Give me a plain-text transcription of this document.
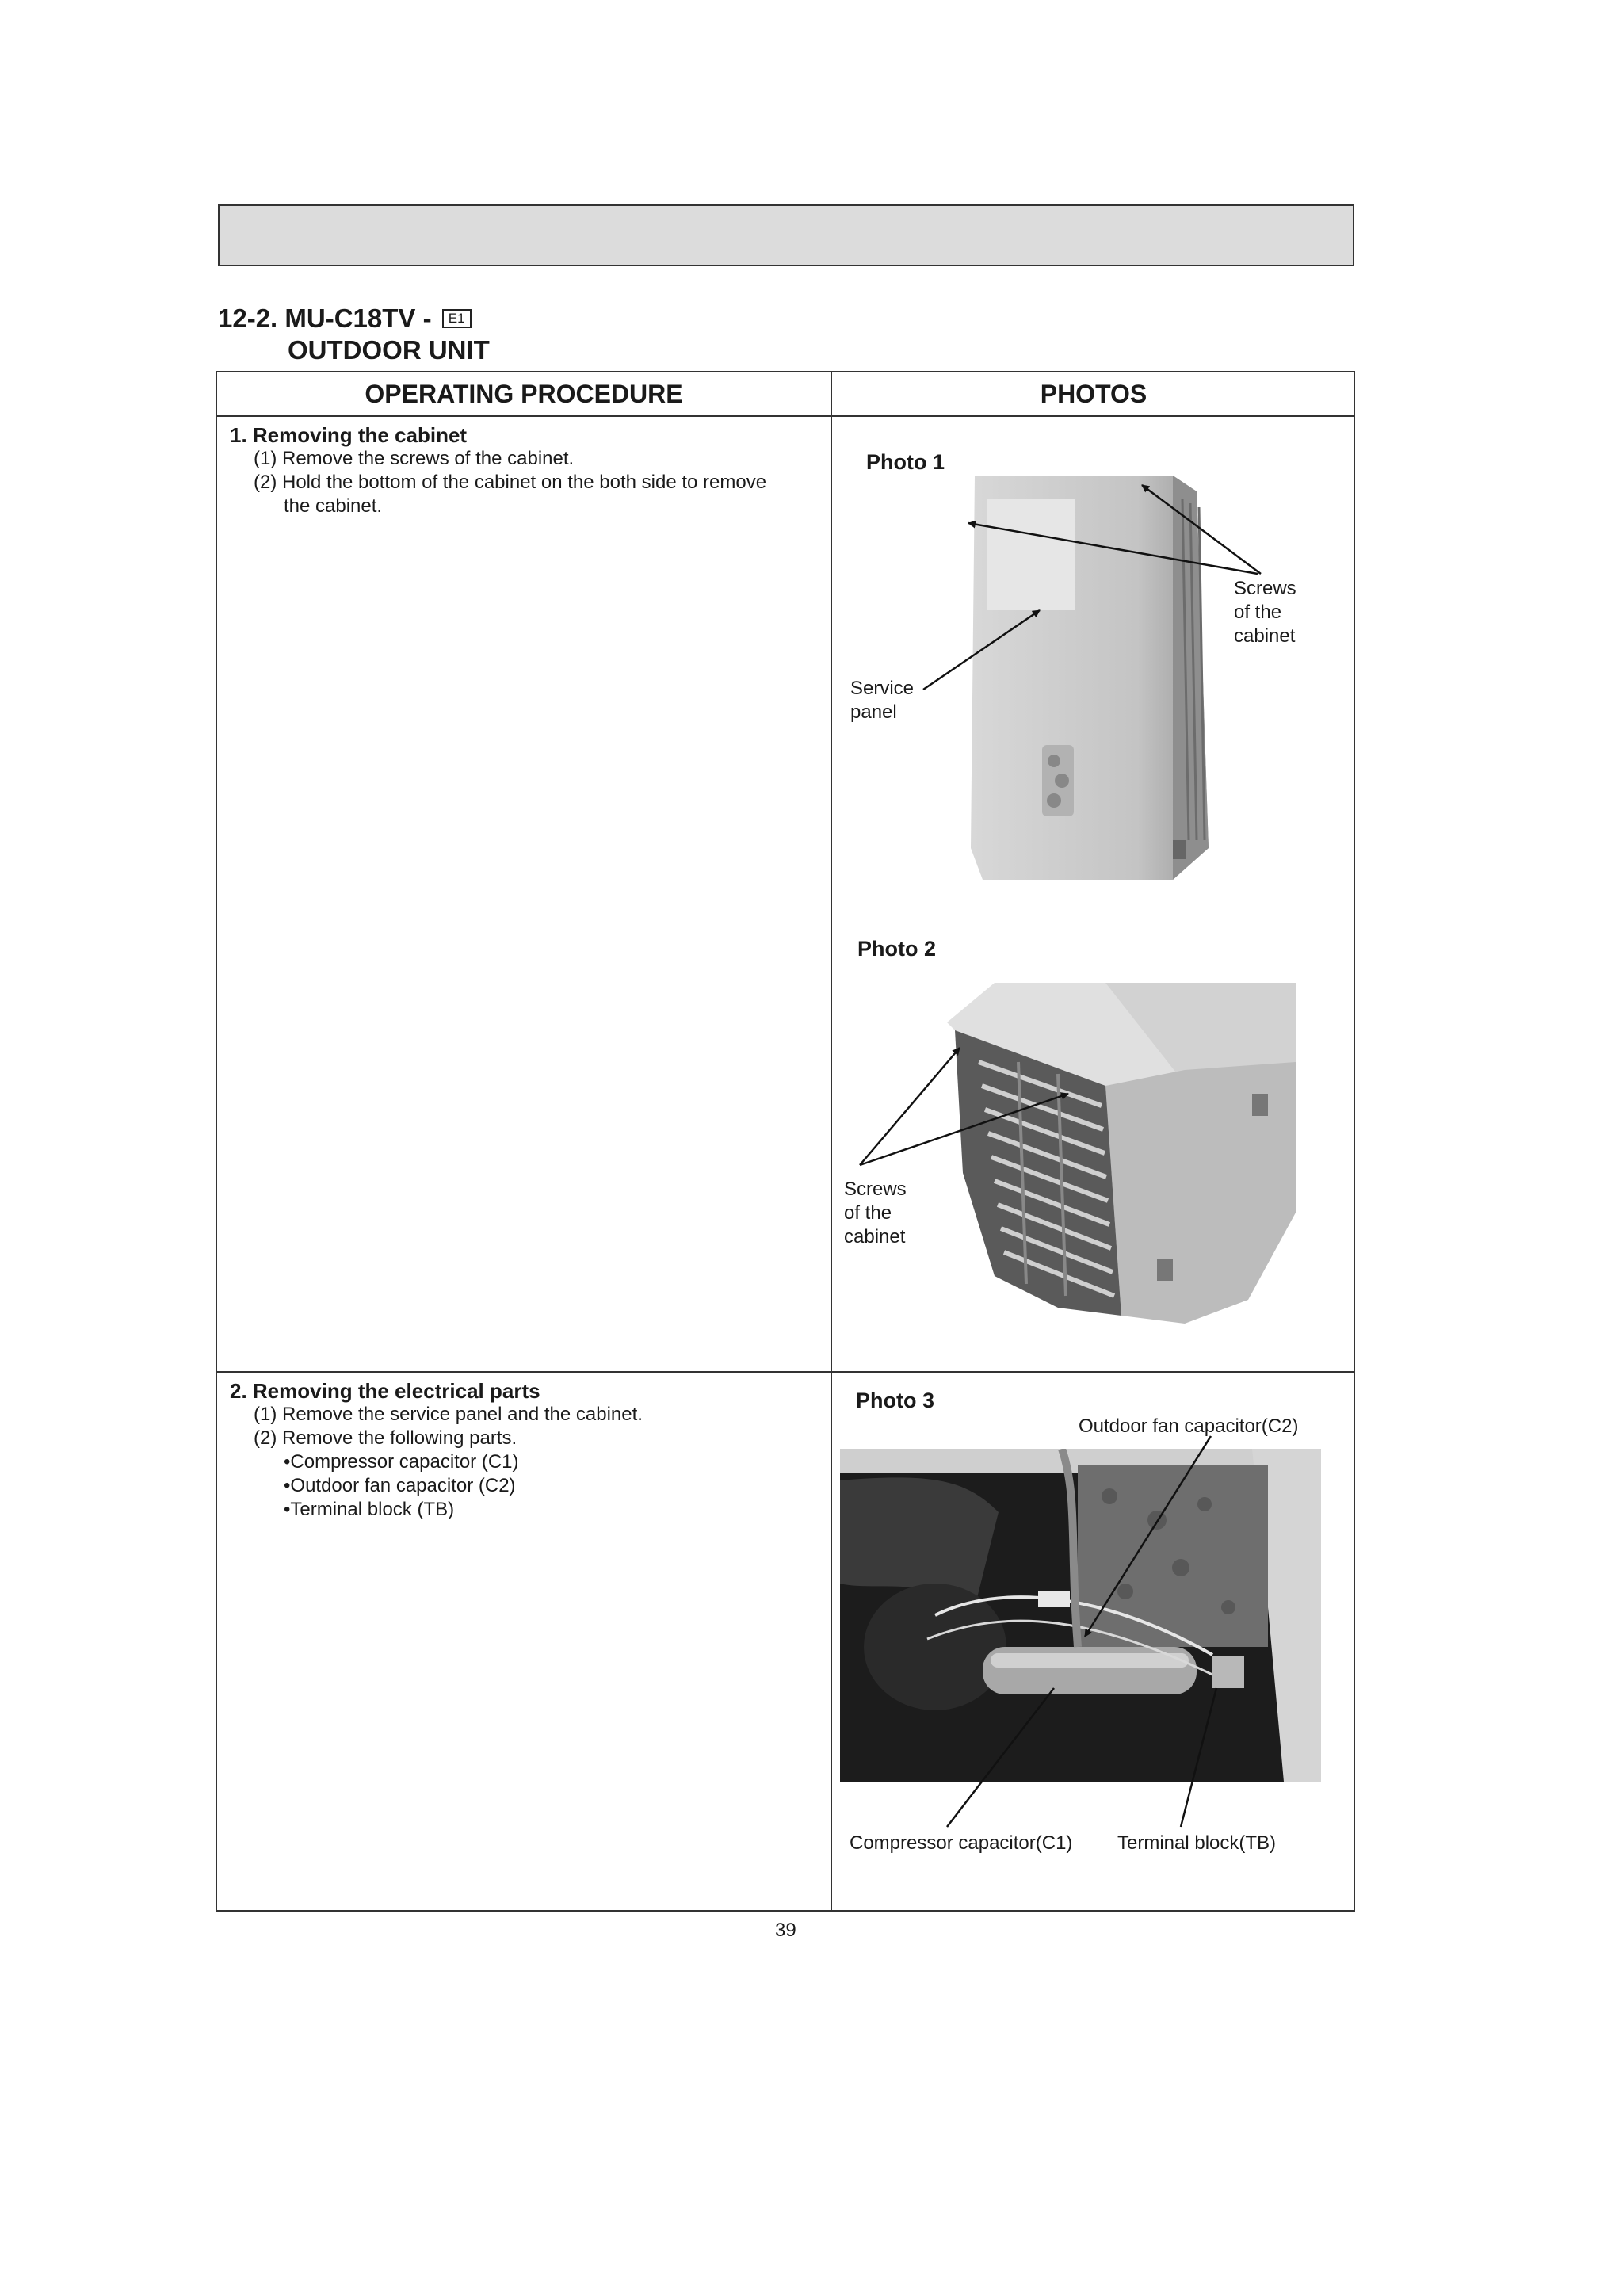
12-2. MU-C18TV - E1
OUTDOOR UNIT
OPERATING PROCEDURE	PHOTOS
1. Removing the cabinet
(1) Remove the screws of the cabinet.
(2) Hold the bottom of the cabinet on the both side to remove
the cabinet.
2. Removing the electrical parts
(1) Remove the service panel and the cabinet.
(2) Remove the following parts.
•Compressor capacitor (C1)
•Outdoor fan capacitor (C2)
•Terminal block (TB)
Photo 1
Photo 2
Photo 3
Screws
of the
cabinet
Service
panel
Screws
of the
cabinet
Outdoor fan capacitor(C2)
Compressor capacitor(C1) Terminal block(TB)
39
